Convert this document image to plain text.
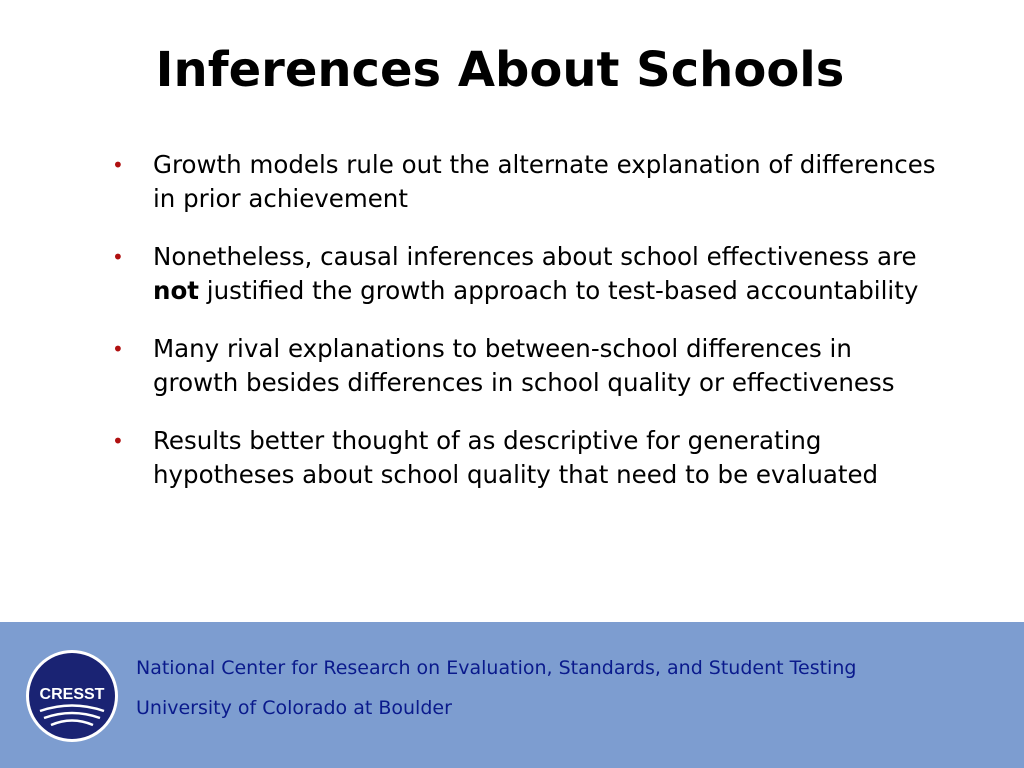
Inferences About Schools
• Growth models rule out the alternate explanation of differences in prior achievement
• Nonetheless, causal inferences about school effectiveness are not justified the growth approach to test-based accountability
• Many rival explanations to between-school differences in growth besides differences in school quality or effectiveness
• Results better thought of as descriptive for generating hypotheses about school quality that need to be evaluated
CRESST

National Center for Research on Evaluation, Standards, and Student Testing

University of Colorado at Boulder
